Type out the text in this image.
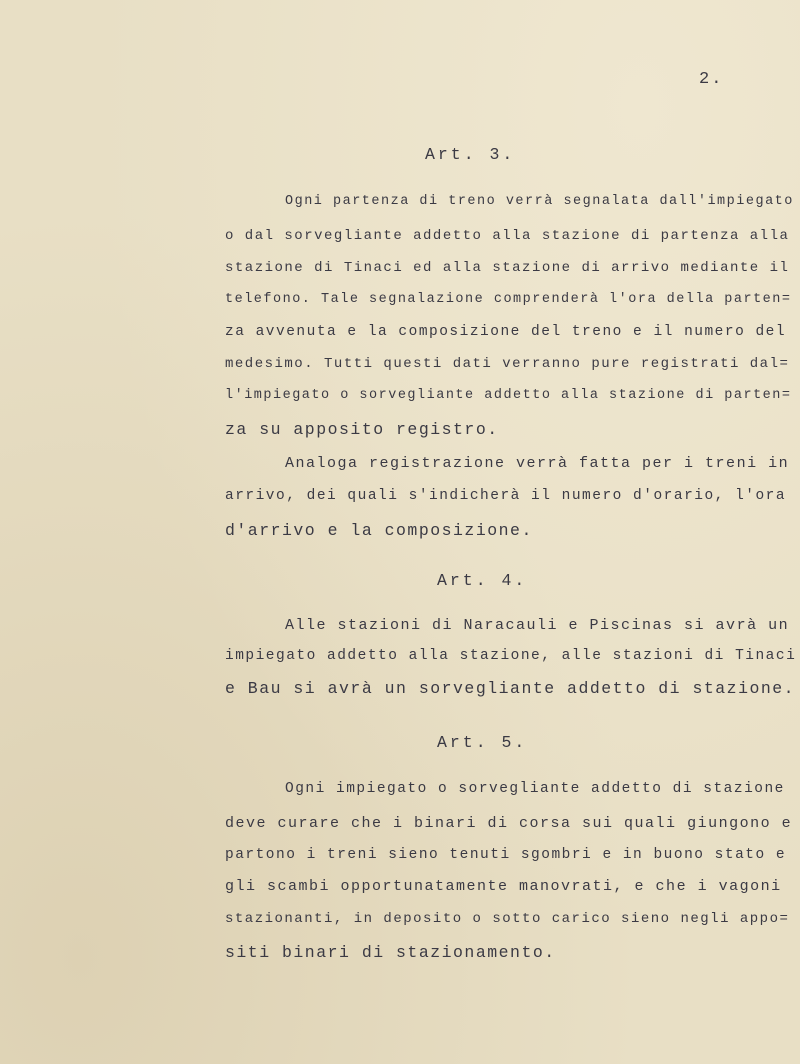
2.
Art. 3.
Ogni partenza di treno verrà segnalata dall'impiegato
o dal sorvegliante addetto alla stazione di partenza alla
stazione di Tinaci ed alla stazione di arrivo mediante il
telefono. Tale segnalazione comprenderà l'ora della parten=
za avvenuta e la composizione del treno e il numero del
medesimo. Tutti questi dati verranno pure registrati dal=
l'impiegato o sorvegliante addetto alla stazione di parten=
za su apposito registro.
Analoga registrazione verrà fatta per i treni in
arrivo, dei quali s'indicherà il numero d'orario, l'ora
d'arrivo e la composizione.
Art. 4.
Alle stazioni di Naracauli e Piscinas si avrà un
impiegato addetto alla stazione, alle stazioni di Tinaci
e Bau si avrà un sorvegliante addetto di stazione.
Art. 5.
Ogni impiegato o sorvegliante addetto di stazione
deve curare che i binari di corsa sui quali giungono e
partono i treni sieno tenuti sgombri e in buono stato e
gli scambi opportunatamente manovrati, e che i vagoni
stazionanti, in deposito o sotto carico sieno negli appo=
siti binari di stazionamento.
